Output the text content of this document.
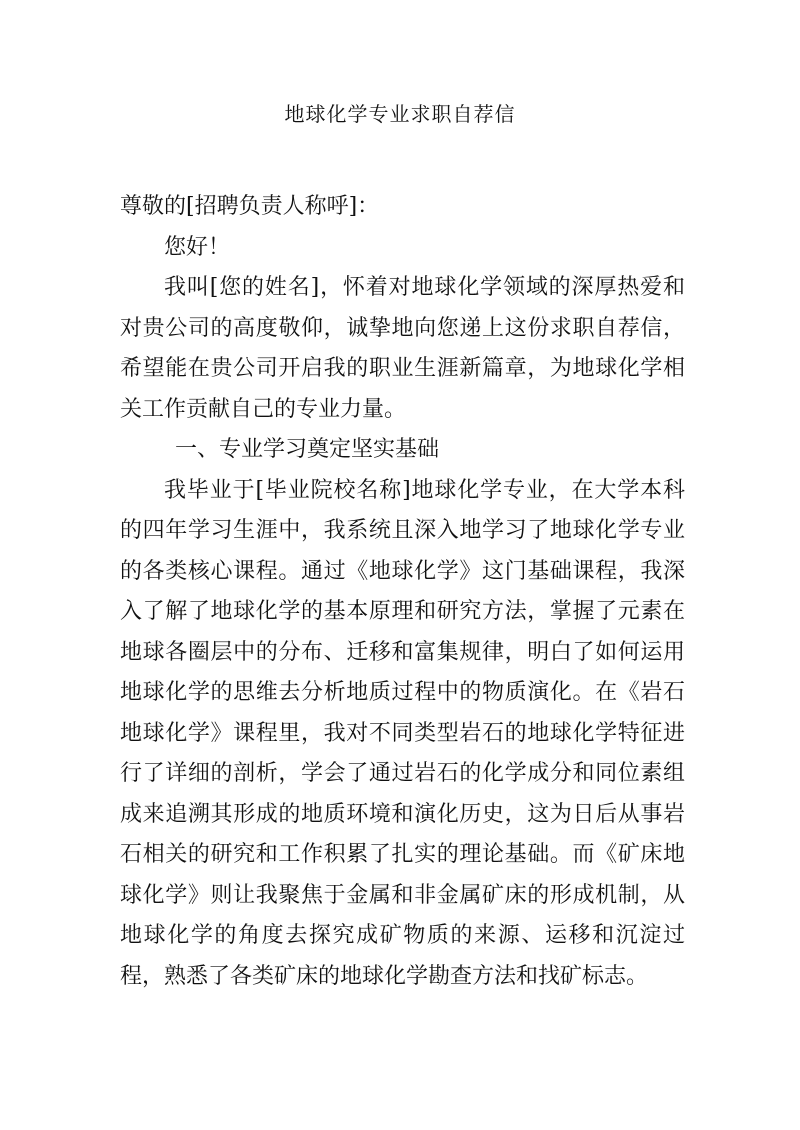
地球化学专业求职自荐信

尊敬的[招聘负责人称呼]：

您好！

我叫[您的姓名]，怀着对地球化学领域的深厚热爱和对贵公司的高度敬仰，诚挚地向您递上这份求职自荐信，希望能在贵公司开启我的职业生涯新篇章，为地球化学相关工作贡献自己的专业力量。

一、专业学习奠定坚实基础

我毕业于[毕业院校名称]地球化学专业，在大学本科的四年学习生涯中，我系统且深入地学习了地球化学专业的各类核心课程。通过《地球化学》这门基础课程，我深入了解了地球化学的基本原理和研究方法，掌握了元素在地球各圈层中的分布、迁移和富集规律，明白了如何运用地球化学的思维去分析地质过程中的物质演化。在《岩石地球化学》课程里，我对不同类型岩石的地球化学特征进行了详细的剖析，学会了通过岩石的化学成分和同位素组成来追溯其形成的地质环境和演化历史，这为日后从事岩石相关的研究和工作积累了扎实的理论基础。而《矿床地球化学》则让我聚焦于金属和非金属矿床的形成机制，从地球化学的角度去探究成矿物质的来源、运移和沉淀过程，熟悉了各类矿床的地球化学勘查方法和找矿标志。
